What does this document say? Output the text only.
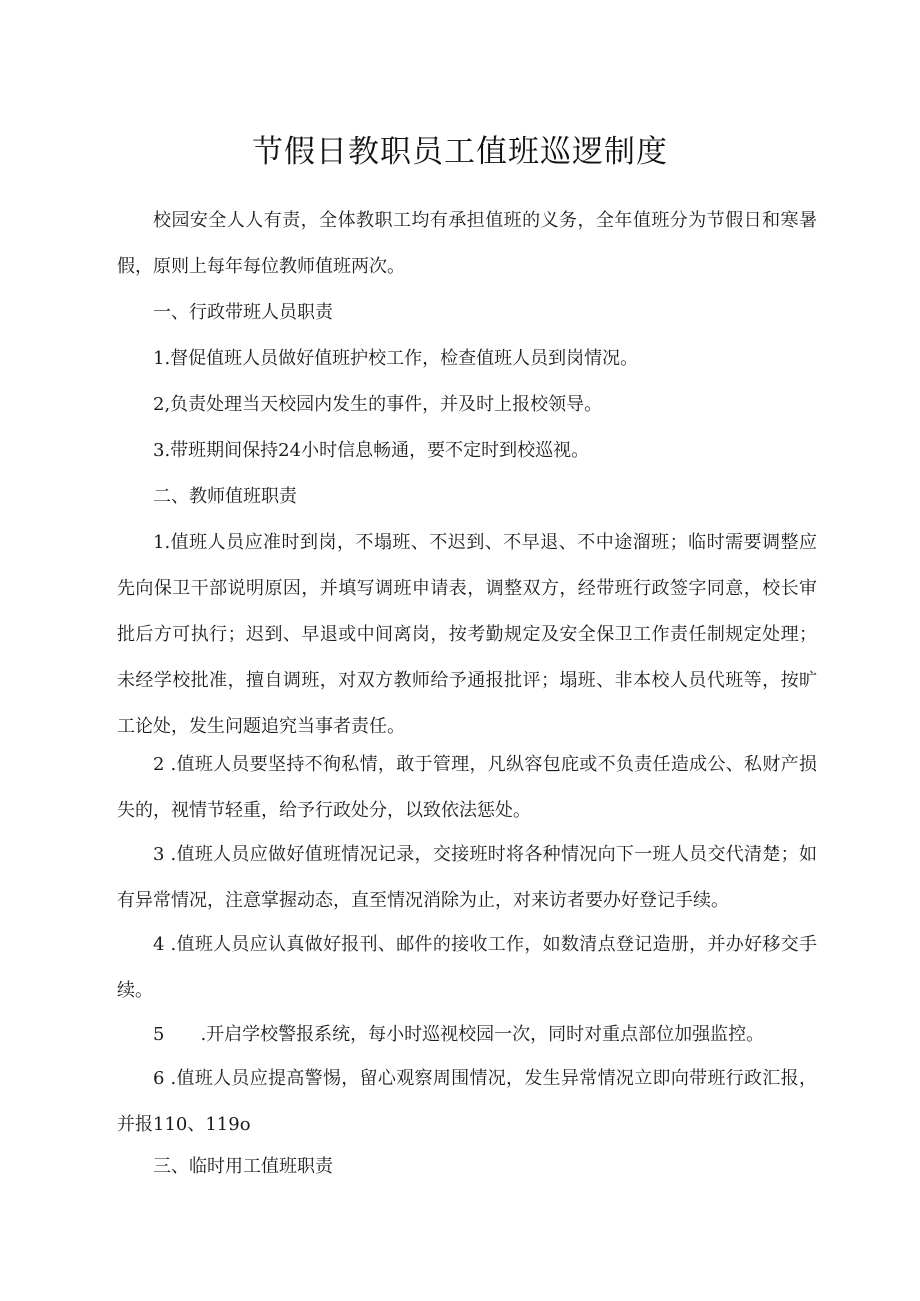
节假日教职员工值班巡逻制度

校园安全人人有责，全体教职工均有承担值班的义务，全年值班分为节假日和寒暑假，原则上每年每位教师值班两次。

一、行政带班人员职责

1.督促值班人员做好值班护校工作，检查值班人员到岗情况。

2,负责处理当天校园内发生的事件，并及时上报校领导。

3.带班期间保持24小时信息畅通，要不定时到校巡视。

二、教师值班职责

1.值班人员应准时到岗，不塌班、不迟到、不早退、不中途溜班；临时需要调整应先向保卫干部说明原因，并填写调班申请表，调整双方，经带班行政签字同意，校长审批后方可执行；迟到、早退或中间离岗，按考勤规定及安全保卫工作责任制规定处理；未经学校批准，擅自调班，对双方教师给予通报批评；塌班、非本校人员代班等，按旷工论处，发生问题追究当事者责任。

2 .值班人员要坚持不徇私情，敢于管理，凡纵容包庇或不负责任造成公、私财产损失的，视情节轻重，给予行政处分，以致依法惩处。

3 .值班人员应做好值班情况记录，交接班时将各种情况向下一班人员交代清楚；如有异常情况，注意掌握动态，直至情况消除为止，对来访者要办好登记手续。

4 .值班人员应认真做好报刊、邮件的接收工作，如数清点登记造册，并办好移交手续。

5　　.开启学校警报系统，每小时巡视校园一次，同时对重点部位加强监控。

6 .值班人员应提高警惕，留心观察周围情况，发生异常情况立即向带班行政汇报，并报110、119o

三、临时用工值班职责
